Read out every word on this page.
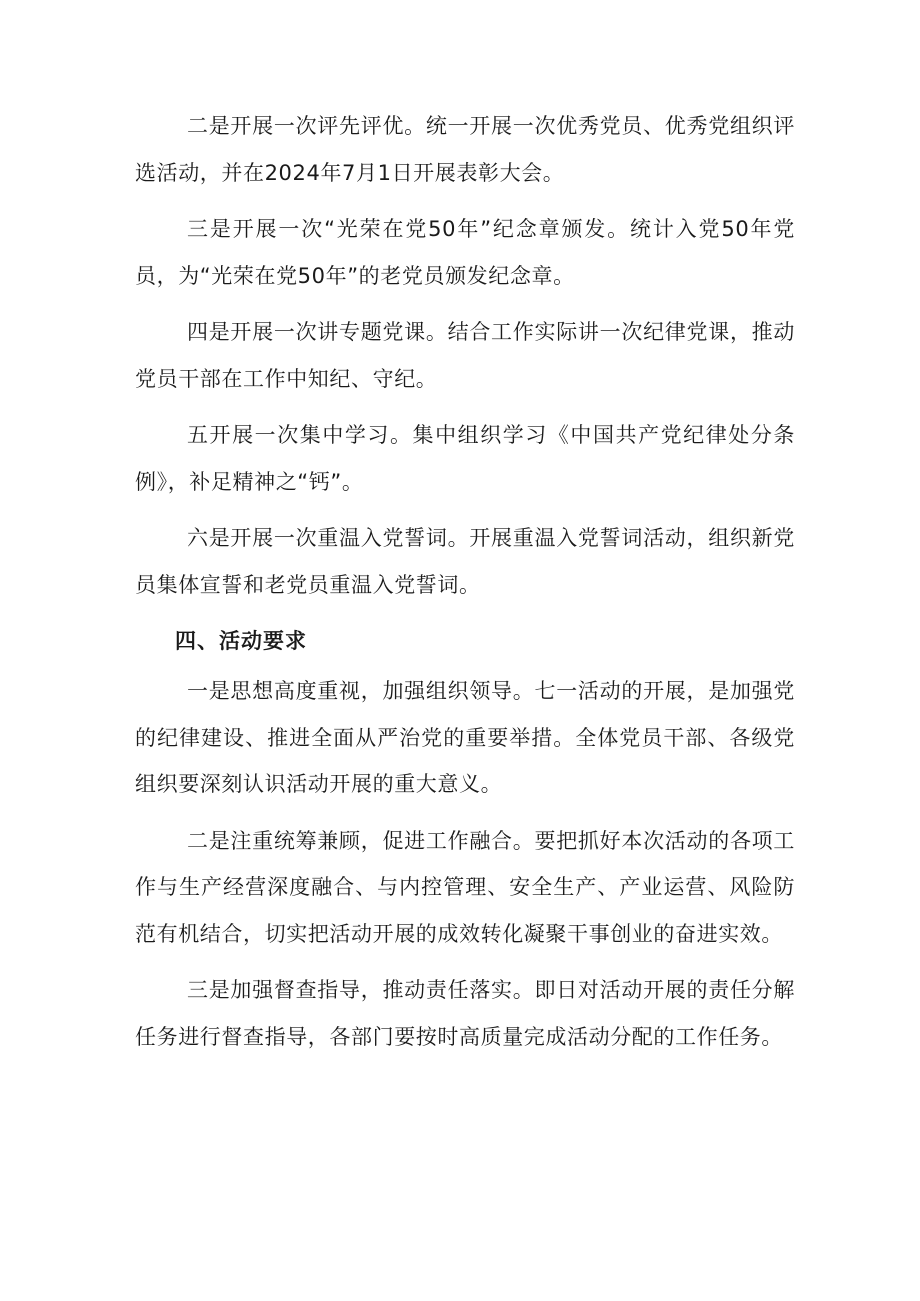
二是开展一次评先评优。统一开展一次优秀党员、优秀党组织评选活动，并在2024年7月1日开展表彰大会。

三是开展一次“光荣在党50年”纪念章颁发。统计入党50年党员，为“光荣在党50年”的老党员颁发纪念章。

四是开展一次讲专题党课。结合工作实际讲一次纪律党课，推动党员干部在工作中知纪、守纪。

五开展一次集中学习。集中组织学习《中国共产党纪律处分条例》，补足精神之“钙”。

六是开展一次重温入党誓词。开展重温入党誓词活动，组织新党员集体宣誓和老党员重温入党誓词。

四、活动要求

一是思想高度重视，加强组织领导。七一活动的开展，是加强党的纪律建设、推进全面从严治党的重要举措。全体党员干部、各级党组织要深刻认识活动开展的重大意义。

二是注重统筹兼顾，促进工作融合。要把抓好本次活动的各项工作与生产经营深度融合、与内控管理、安全生产、产业运营、风险防范有机结合，切实把活动开展的成效转化凝聚干事创业的奋进实效。

三是加强督查指导，推动责任落实。即日对活动开展的责任分解任务进行督查指导，各部门要按时高质量完成活动分配的工作任务。
